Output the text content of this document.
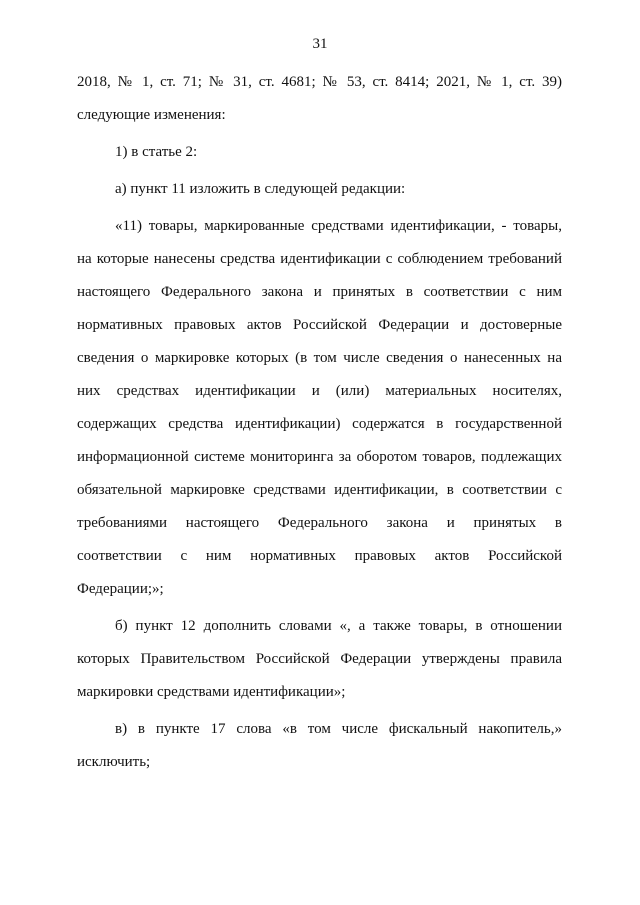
31
2018, № 1, ст. 71; № 31, ст. 4681; № 53, ст. 8414; 2021, № 1, ст. 39)
следующие изменения:
1) в статье 2:
а) пункт 11 изложить в следующей редакции:
«11) товары, маркированные средствами идентификации, - товары,
на которые нанесены средства идентификации с соблюдением требований
настоящего Федерального закона и принятых в соответствии с ним
нормативных правовых актов Российской Федерации и достоверные
сведения о маркировке которых (в том числе сведения о нанесенных на
них средствах идентификации и (или) материальных носителях,
содержащих средства идентификации) содержатся в государственной
информационной системе мониторинга за оборотом товаров, подлежащих
обязательной маркировке средствами идентификации, в соответствии с
требованиями настоящего Федерального закона и принятых в
соответствии с ним нормативных правовых актов Российской
Федерации;»;
б) пункт 12 дополнить словами «, а также товары, в отношении
которых Правительством Российской Федерации утверждены правила
маркировки средствами идентификации»;
в) в пункте 17 слова «в том числе фискальный накопитель,»
исключить;
